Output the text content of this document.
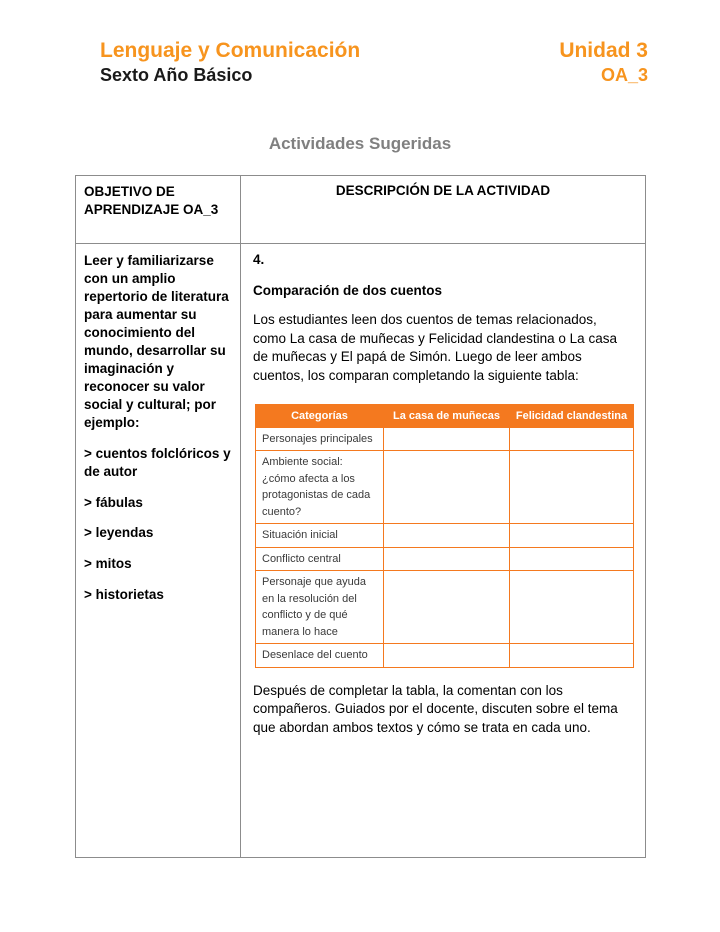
Lenguaje y Comunicación
Sexto Año Básico
Unidad 3
OA_3
Actividades Sugeridas
OBJETIVO DE APRENDIZAJE OA_3	DESCRIPCIÓN DE LA ACTIVIDAD

Leer y familiarizarse con un amplio repertorio de literatura para aumentar su conocimiento del mundo, desarrollar su imaginación y reconocer su valor social y cultural; por ejemplo:
> cuentos folclóricos y de autor
> fábulas
> leyendas
> mitos
> historietas

4.
Comparación de dos cuentos

Los estudiantes leen dos cuentos de temas relacionados, como La casa de muñecas y Felicidad clandestina o La casa de muñecas y El papá de Simón. Luego de leer ambos cuentos, los comparan completando la siguiente tabla:

Categorías	La casa de muñecas	Felicidad clandestina
Personajes principales		
Ambiente social: ¿cómo afecta a los protagonistas de cada cuento?		
Situación inicial		
Conflicto central		
Personaje que ayuda en la resolución del conflicto y de qué manera lo hace		
Desenlace del cuento		

Después de completar la tabla, la comentan con los compañeros. Guiados por el docente, discuten sobre el tema que abordan ambos textos y cómo se trata en cada uno.
